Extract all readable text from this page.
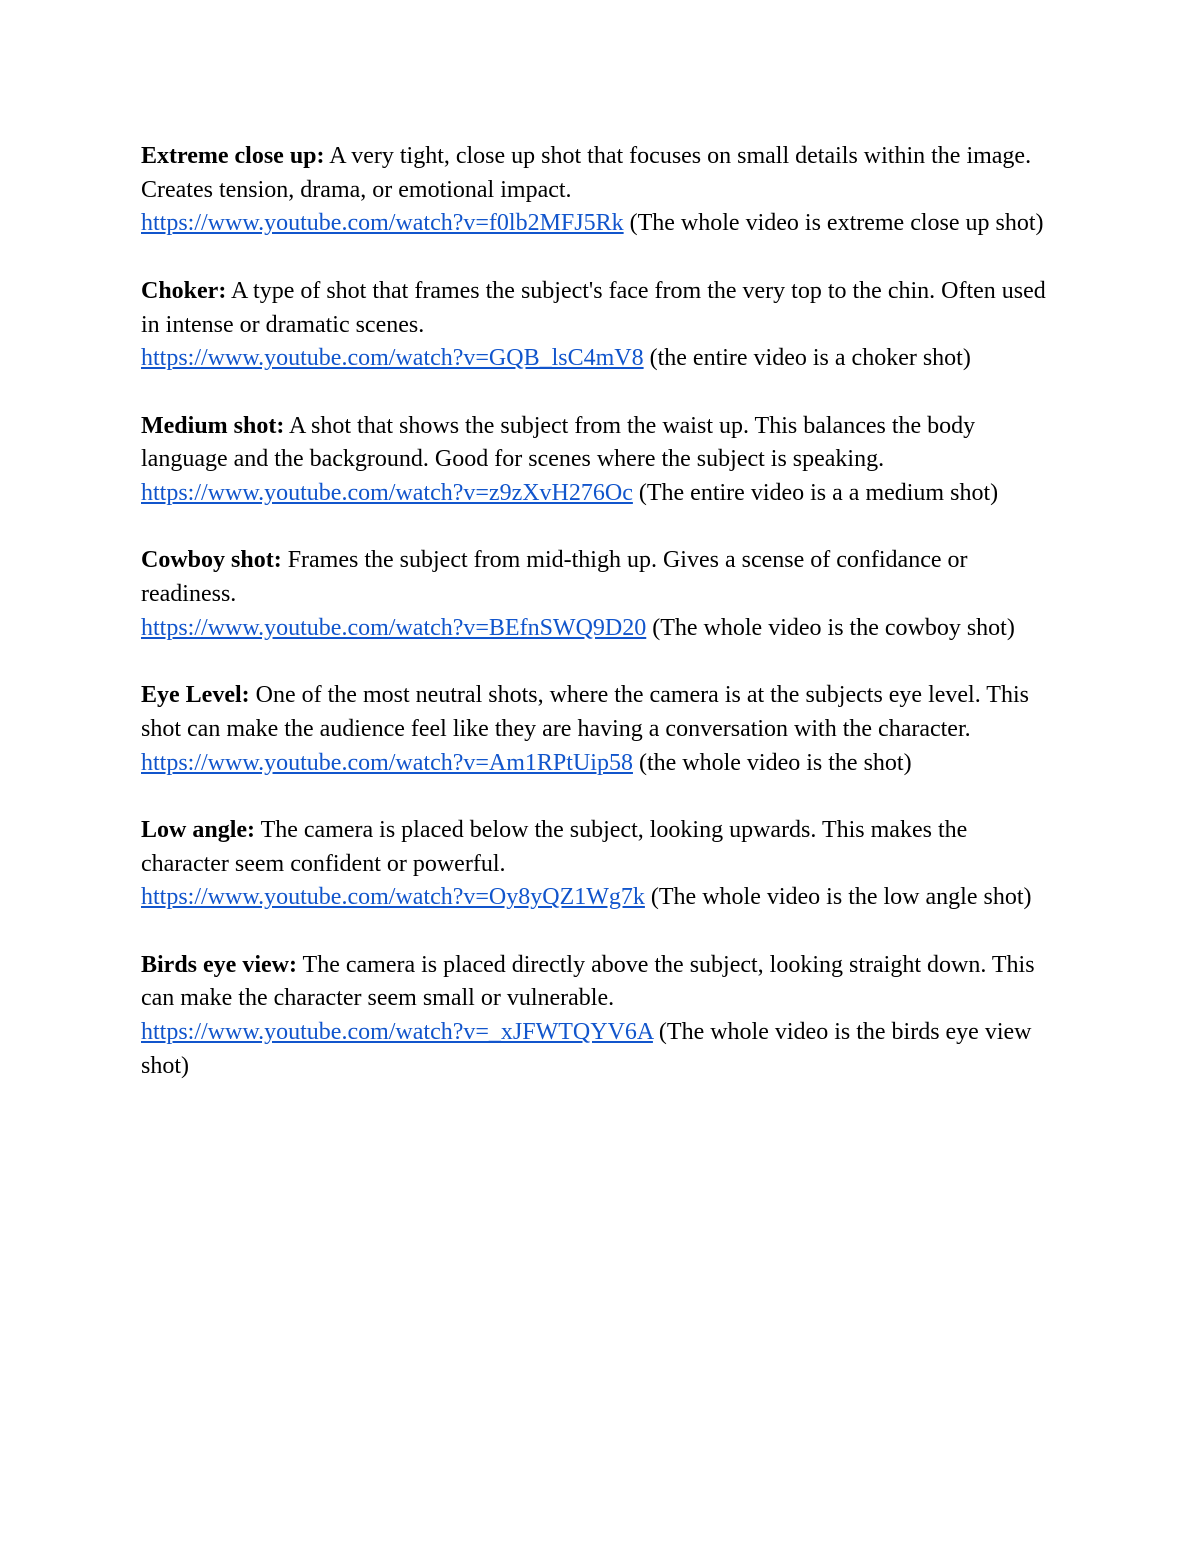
Extreme close up: A very tight, close up shot that focuses on small details within the image. Creates tension, drama, or emotional impact.
https://www.youtube.com/watch?v=f0lb2MFJ5Rk (The whole video is extreme close up shot)
Choker: A type of shot that frames the subject's face from the very top to the chin. Often used in intense or dramatic scenes.
https://www.youtube.com/watch?v=GQB_lsC4mV8 (the entire video is a choker shot)
Medium shot: A shot that shows the subject from the waist up. This balances the body language and the background. Good for scenes where the subject is speaking.
https://www.youtube.com/watch?v=z9zXvH276Oc (The entire video is a a medium shot)
Cowboy shot: Frames the subject from mid-thigh up. Gives a scense of confidance or readiness.
https://www.youtube.com/watch?v=BEfnSWQ9D20 (The whole video is the cowboy shot)
Eye Level: One of the most neutral shots, where the camera is at the subjects eye level. This shot can make the audience feel like they are having a conversation with the character.
https://www.youtube.com/watch?v=Am1RPtUip58 (the whole video is the shot)
Low angle: The camera is placed below the subject, looking upwards. This makes the character seem confident or powerful.
https://www.youtube.com/watch?v=Oy8yQZ1Wg7k (The whole video is the low angle shot)
Birds eye view: The camera is placed directly above the subject, looking straight down. This can make the character seem small or vulnerable.
https://www.youtube.com/watch?v=_xJFWTQYV6A (The whole video is the birds eye view shot)
